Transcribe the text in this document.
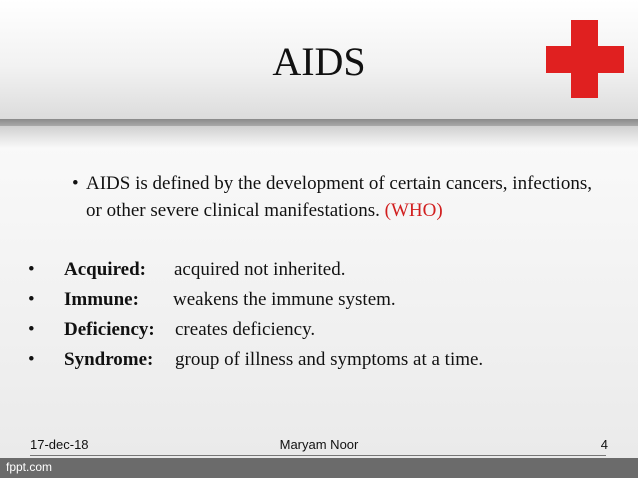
AIDS
• AIDS is defined by the development of certain cancers, infections, or other severe clinical manifestations. (WHO)
• Acquired: acquired not inherited.
• Immune: weakens the immune system.
• Deficiency: creates deficiency.
• Syndrome: group of illness and symptoms at a time.
17-dec-18	Maryam Noor	4
fppt.com
